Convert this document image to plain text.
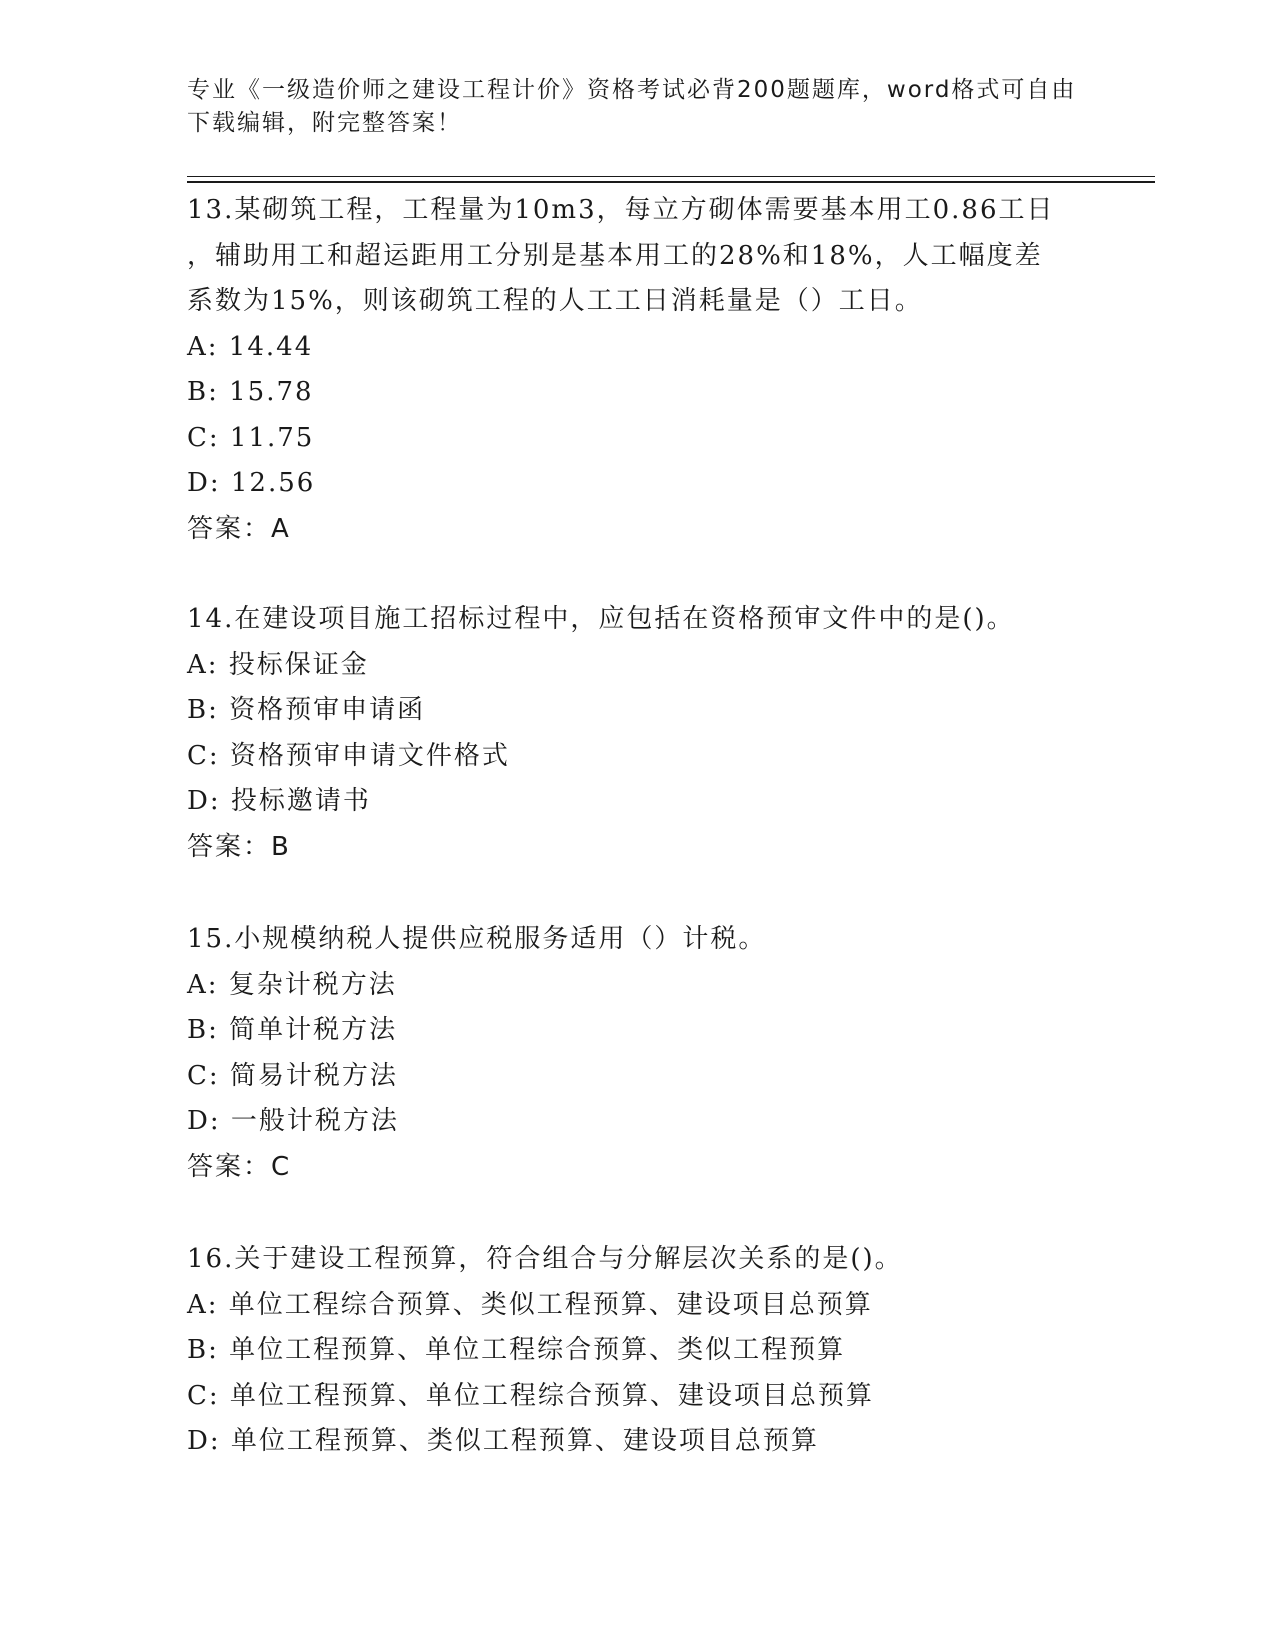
专业《一级造价师之建设工程计价》资格考试必背200题题库，word格式可自由
下载编辑，附完整答案！

13.某砌筑工程，工程量为10m3，每立方砌体需要基本用工0.86工日

，辅助用工和超运距用工分别是基本用工的28%和18%，人工幅度差

系数为15%，则该砌筑工程的人工工日消耗量是（）工日。

A: 14.44

B: 15.78

C: 11.75

D: 12.56

答案：A

14.在建设项目施工招标过程中，应包括在资格预审文件中的是()。

A: 投标保证金

B: 资格预审申请函

C: 资格预审申请文件格式

D: 投标邀请书

答案：B

15.小规模纳税人提供应税服务适用（）计税。

A: 复杂计税方法

B: 简单计税方法

C: 简易计税方法

D: 一般计税方法

答案：C

16.关于建设工程预算，符合组合与分解层次关系的是()。

A: 单位工程综合预算、类似工程预算、建设项目总预算

B: 单位工程预算、单位工程综合预算、类似工程预算

C: 单位工程预算、单位工程综合预算、建设项目总预算

D: 单位工程预算、类似工程预算、建设项目总预算
